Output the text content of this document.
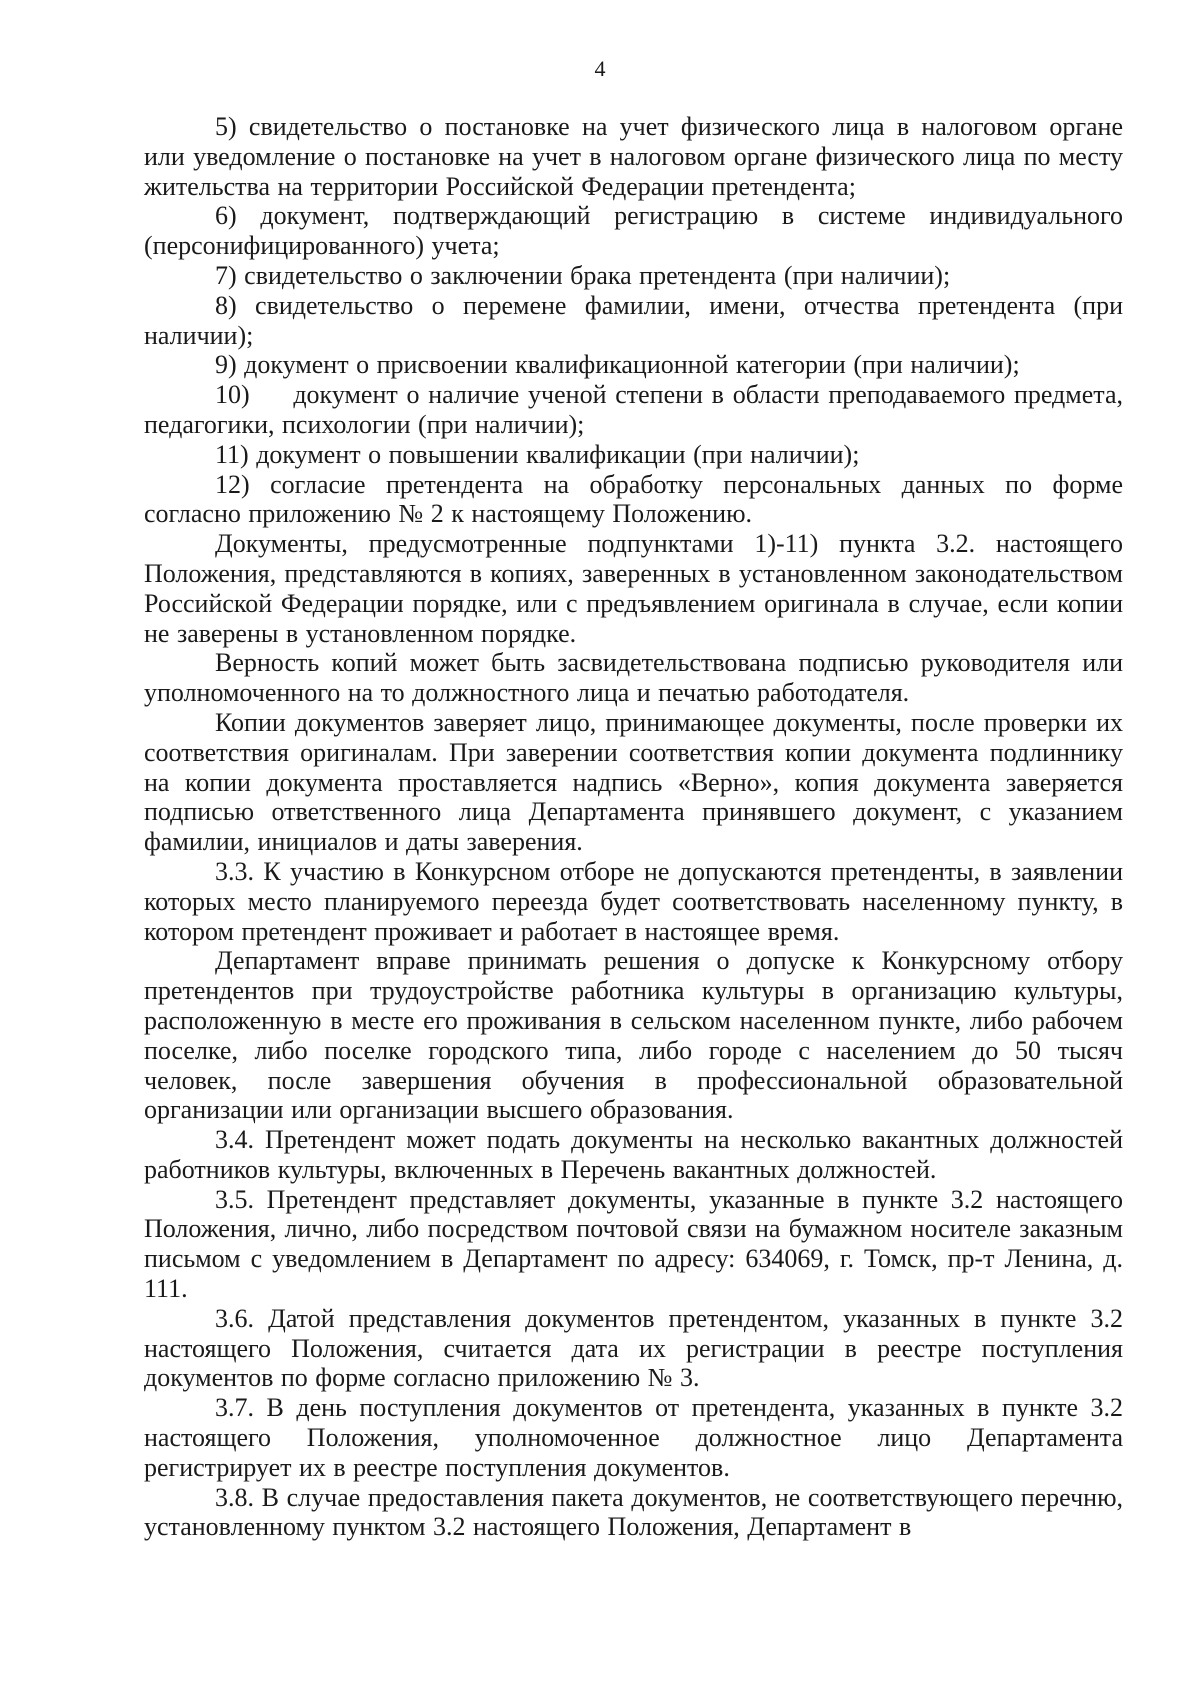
4

5) свидетельство о постановке на учет физического лица в налоговом органе или уведомление о постановке на учет в налоговом органе физического лица по месту жительства на территории Российской Федерации претендента;

6) документ, подтверждающий регистрацию в системе индивидуального (персонифицированного) учета;

7) свидетельство о заключении брака претендента (при наличии);

8) свидетельство о перемене фамилии, имени, отчества претендента (при наличии);

9) документ о присвоении квалификационной категории (при наличии);

10)     документ о наличие ученой степени в области преподаваемого предмета, педагогики, психологии (при наличии);

11) документ о повышении квалификации (при наличии);

12) согласие претендента на обработку персональных данных по форме согласно приложению № 2 к настоящему Положению.

Документы, предусмотренные подпунктами 1)-11) пункта 3.2. настоящего Положения, представляются в копиях, заверенных в установленном законодательством Российской Федерации порядке, или с предъявлением оригинала в случае, если копии не заверены в установленном порядке.

Верность копий может быть засвидетельствована подписью руководителя или уполномоченного на то должностного лица и печатью работодателя.

Копии документов заверяет лицо, принимающее документы, после проверки их соответствия оригиналам. При заверении соответствия копии документа подлиннику на копии документа проставляется надпись «Верно», копия документа заверяется подписью ответственного лица Департамента принявшего документ, с указанием фамилии, инициалов и даты заверения.

3.3. К участию в Конкурсном отборе не допускаются претенденты, в заявлении которых место планируемого переезда будет соответствовать населенному пункту, в котором претендент проживает и работает в настоящее время.

Департамент вправе принимать решения о допуске к Конкурсному отбору претендентов при трудоустройстве работника культуры в организацию культуры, расположенную в месте его проживания в сельском населенном пункте, либо рабочем поселке, либо поселке городского типа, либо городе с населением до 50 тысяч человек, после завершения обучения в профессиональной образовательной организации или организации высшего образования.

3.4. Претендент может подать документы на несколько вакантных должностей работников культуры, включенных в Перечень вакантных должностей.

3.5. Претендент представляет документы, указанные в пункте 3.2 настоящего Положения, лично, либо посредством почтовой связи на бумажном носителе заказным письмом с уведомлением в Департамент по адресу: 634069, г. Томск, пр-т Ленина, д. 111.

3.6. Датой представления документов претендентом, указанных в пункте 3.2 настоящего Положения, считается дата их регистрации в реестре поступления документов по форме согласно приложению № 3.

3.7. В день поступления документов от претендента, указанных в пункте 3.2 настоящего Положения, уполномоченное должностное лицо Департамента регистрирует их в реестре поступления документов.

3.8. В случае предоставления пакета документов, не соответствующего перечню, установленному пунктом 3.2 настоящего Положения, Департамент в
